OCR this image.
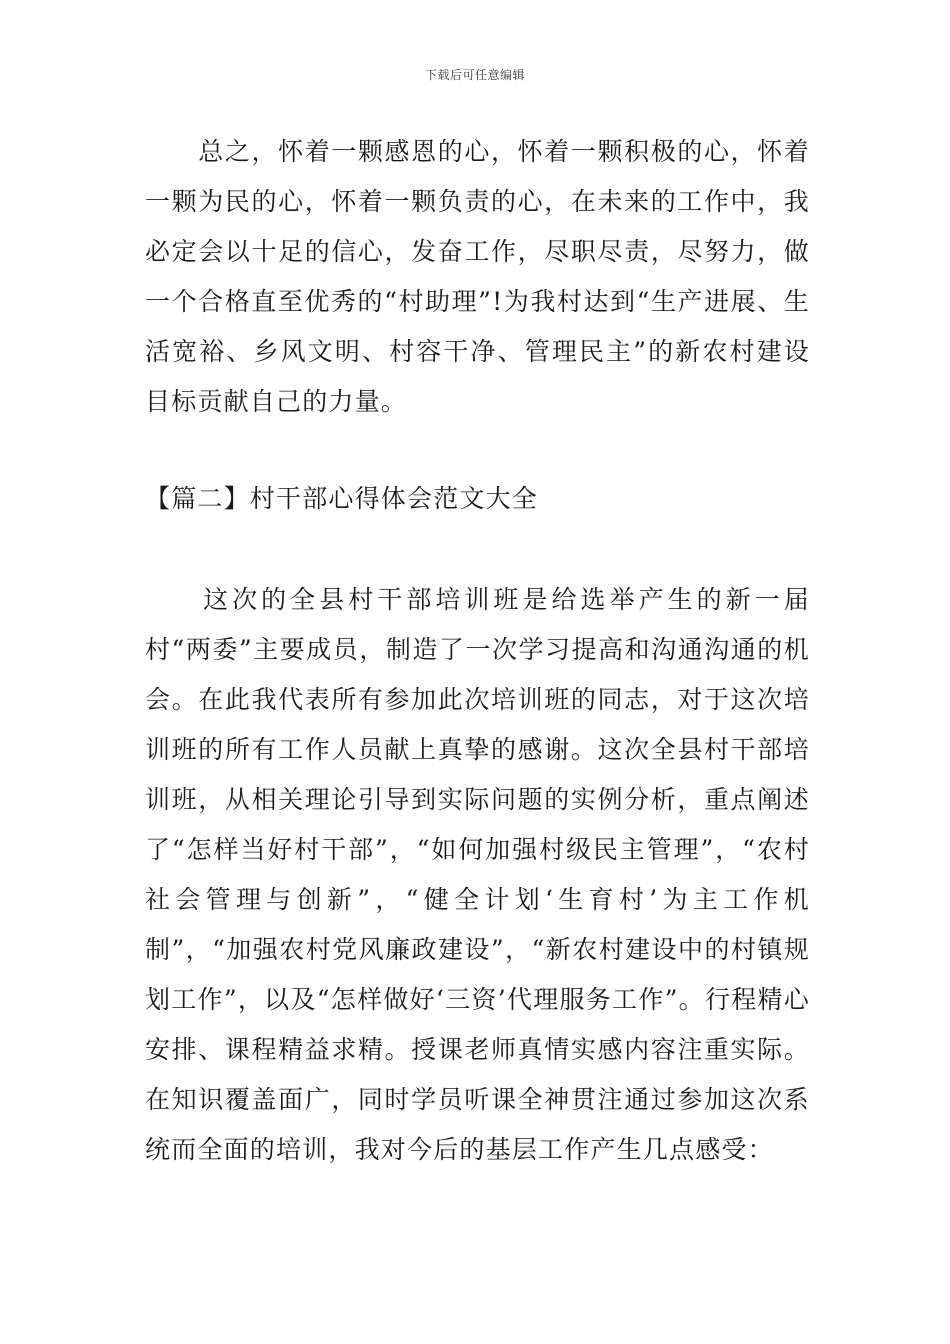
下载后可任意编辑

　　总之，怀着一颗感恩的心，怀着一颗积极的心，怀着一颗为民的心，怀着一颗负责的心，在未来的工作中，我必定会以十足的信心，发奋工作，尽职尽责，尽努力，做一个合格直至优秀的“村助理”!为我村达到“生产进展、生活宽裕、乡风文明、村容干净、管理民主”的新农村建设目标贡献自己的力量。

【篇二】村干部心得体会范文大全

　　这次的全县村干部培训班是给选举产生的新一届村“两委”主要成员，制造了一次学习提高和沟通沟通的机会。在此我代表所有参加此次培训班的同志，对于这次培训班的所有工作人员献上真挚的感谢。这次全县村干部培训班，从相关理论引导到实际问题的实例分析，重点阐述了“怎样当好村干部”，“如何加强村级民主管理”，“农村社会管理与创新”，“健全计划‘生育村’为主工作机制”，“加强农村党风廉政建设”，“新农村建设中的村镇规划工作”，以及“怎样做好‘三资’代理服务工作”。行程精心安排、课程精益求精。授课老师真情实感内容注重实际。在知识覆盖面广，同时学员听课全神贯注通过参加这次系统而全面的培训，我对今后的基层工作产生几点感受：
